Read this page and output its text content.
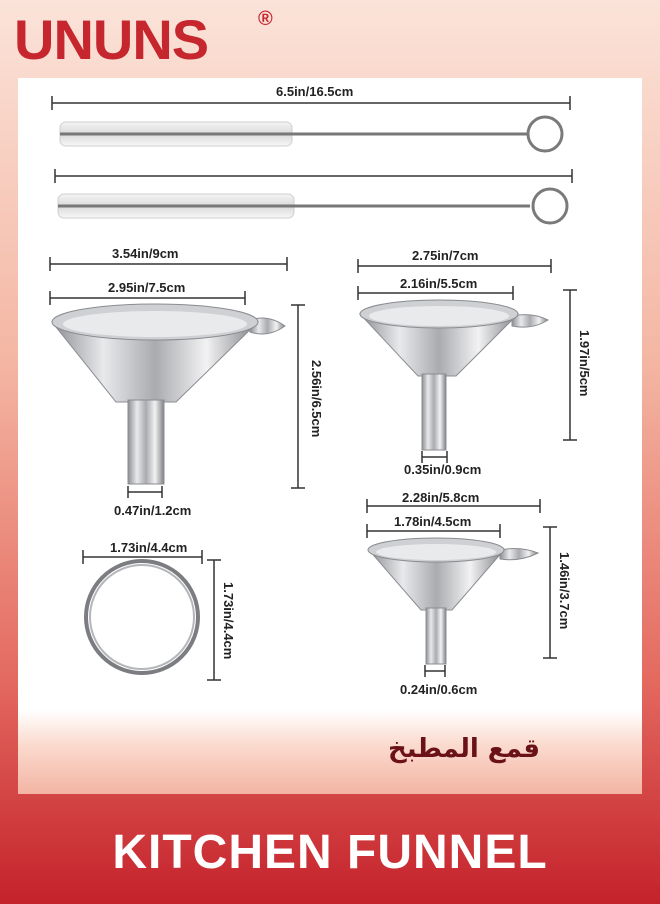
UNUNS ®
6.5in/16.5cm
3.54in/9cm
2.95in/7.5cm
2.56in/6.5cm
0.47in/1.2cm
2.75in/7cm
2.16in/5.5cm
1.97in/5cm
0.35in/0.9cm
2.28in/5.8cm
1.78in/4.5cm
1.46in/3.7cm
0.24in/0.6cm
1.73in/4.4cm
1.73in/4.4cm
قمع المطبخ
KITCHEN FUNNEL
